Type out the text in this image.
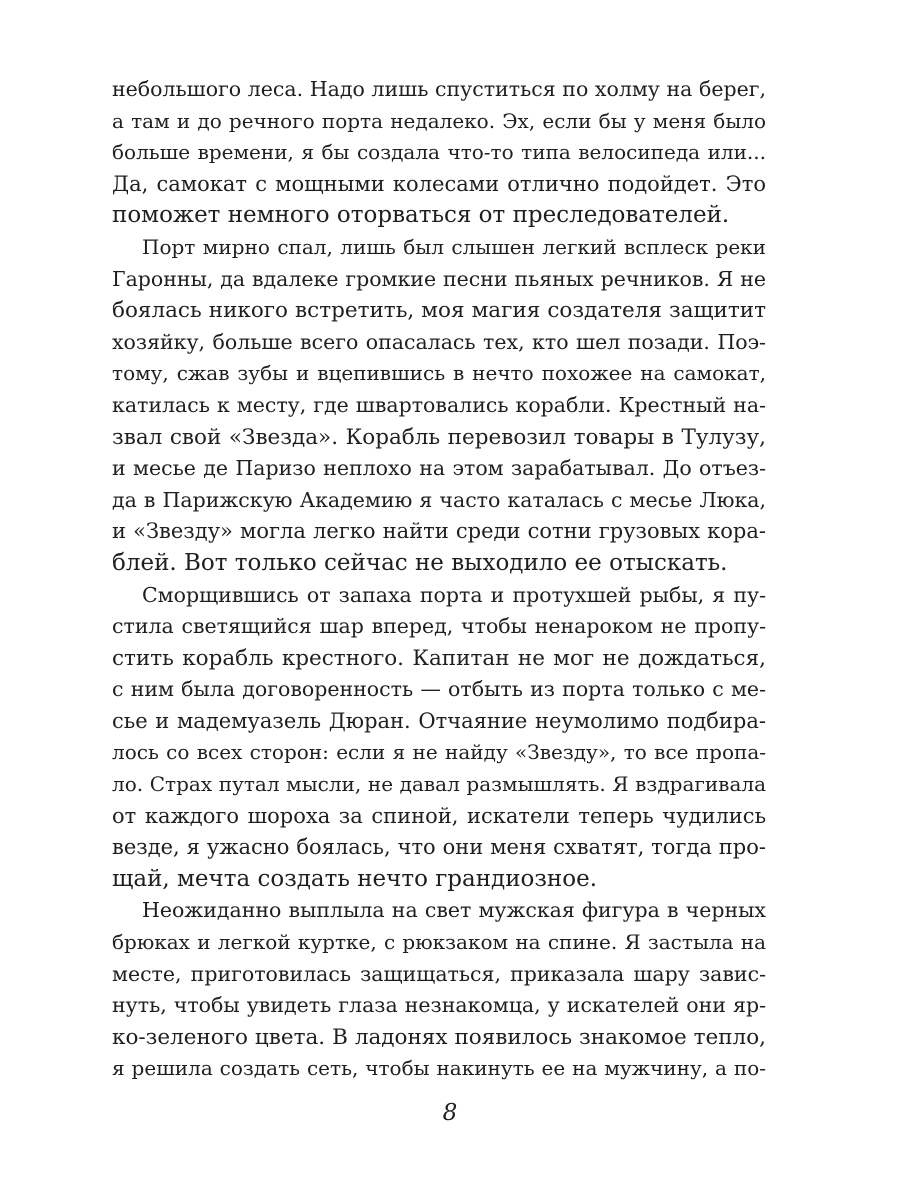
небольшого леса. Надо лишь спуститься по холму на берег,
а там и до речного порта недалеко. Эх, если бы у меня было
больше времени, я бы создала что-то типа велосипеда или...
Да, самокат с мощными колесами отлично подойдет. Это
поможет немного оторваться от преследователей.
Порт мирно спал, лишь был слышен легкий всплеск реки
Гаронны, да вдалеке громкие песни пьяных речников. Я не
боялась никого встретить, моя магия создателя защитит
хозяйку, больше всего опасалась тех, кто шел позади. Поэ-
тому, сжав зубы и вцепившись в нечто похожее на самокат,
катилась к месту, где швартовались корабли. Крестный на-
звал свой «Звезда». Корабль перевозил товары в Тулузу,
и месье де Паризо неплохо на этом зарабатывал. До отъез-
да в Парижскую Академию я часто каталась с месье Люка,
и «Звезду» могла легко найти среди сотни грузовых кора-
блей. Вот только сейчас не выходило ее отыскать.
Сморщившись от запаха порта и протухшей рыбы, я пу-
стила светящийся шар вперед, чтобы ненароком не пропу-
стить корабль крестного. Капитан не мог не дождаться,
с ним была договоренность — отбыть из порта только с ме-
сье и мадемуазель Дюран. Отчаяние неумолимо подбира-
лось со всех сторон: если я не найду «Звезду», то все пропа-
ло. Страх путал мысли, не давал размышлять. Я вздрагивала
от каждого шороха за спиной, искатели теперь чудились
везде, я ужасно боялась, что они меня схватят, тогда про-
щай, мечта создать нечто грандиозное.
Неожиданно выплыла на свет мужская фигура в черных
брюках и легкой куртке, с рюкзаком на спине. Я застыла на
месте, приготовилась защищаться, приказала шару завис-
нуть, чтобы увидеть глаза незнакомца, у искателей они яр-
ко-зеленого цвета. В ладонях появилось знакомое тепло,
я решила создать сеть, чтобы накинуть ее на мужчину, а по-
8
